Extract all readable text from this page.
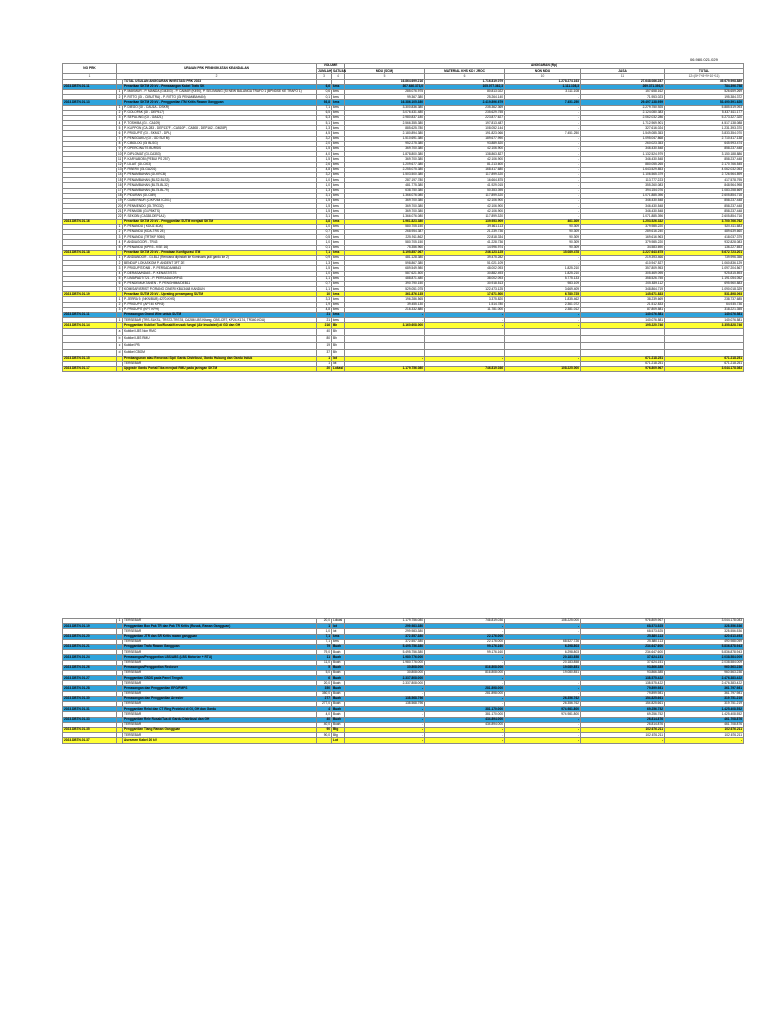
06.980.021.029
NO PRK	URAIAN PRK PENINGKATAN KEANDALAN		VOLUME		ANGGARAN (Rp)				
			JUMLAH	SATUAN	MDU (SCM)	MATERIAL KHS KD / JROC	NON MDU	JASA	TOTAL
1	2		3	4	5	6	10	11	12=(5+7+8+9+10+11)
		TOTAL USULAN ANGGARAN INVESTASI PRK 2023			16.864.699.216	1.716.819.079	1.278.274.163	27.648.086.287	49.679.998.889
2023.DBTN.01.11		Penarikan SKTM 20 kV - Pemasangan Kabel Trafo SK	6,6	kms	307.640.373,0	105.077.362,3	1.111.108,3	269.371.393,0	784.396.758
	1	P. MAKMUR - P. MANDA (GI4303) - P. CAMAR (K490), P. SELIMANG (SI NEW BALANGA TRAFO 1 (BPNDSE KE TRAFO 1)	0,6	kms	285.076.975	80.813.022	3.111.108	157.658.162	526.659.269
	2	P. RITTO (GI - CIBUTRA) - P. RITTO (GI PENAMBAHAN)	0,1	kms	99.367.380	25.264.140	-	71.953.023	195.384.372
2023.DBTN.01.13		Penarikan SKTM 20 kV - Penggantian ITM Kritis Rawan Gangguan	93,8	kms	16.386.105.380	2.419.896.679	7.451.250	29.497.138.959	53.490.591.620
	1	P. DIEGO (GI - CAU1A - DSKR)	7,1	kms	3.300.836.380	235.362.369	-	2.279.750.925	5.885.519.093
	2	P. GOLOPAK (GI - DEP517)	6,5	kms	3.076.431.480	235.629.755	-	2.124.080.383	5.437.611.177
	3	P. SEPULING (GI - GA421)	6,3	kms	2.980.837.180	223.877.627	-	2.062.032.286	5.273.327.320
	4	P. TOSHIBA (GI - CA109)	5,1	kms	2.566.355.380	197.813.487	-	1.712.969.901	4.517.138.088
	5	P. KLIPPON (CA-283 - DEP137F - CA510P - CA508 - DEP162 - DM28P)	1,3	kms	885.625.780	108.052.144	-	327.616.024	1.231.393.370
	6	P. PRIGUPIT (GI - SKM17 - DPL)	4,5	kms	2.180.894.380	191.823.066	7.451.250	1.549.085.353	3.833.354.070
	7	P. PENGGAKU (GI - GD SUTM)	3,2	kms	1.510.691.380	189.677.990	-	1.095.047.868	2.710.417.138
	8	P. CIBOLOG (GI BLSG)	2,0	kms	952.275.380	93.889.520	-	260.023.353	645.993.474
	9	P. OPERCINUTS BURSIS	1,5	kms	369.700.380	42.106.900	-	346.430.548	858.237.448
	10	P. DIPLOMAT (GI-CA353)	4,0	kms	1.878.800.380	138.863.827	-	1.132.524.979	3.150.188.886
	11	P. KARYABOBI (PEBUI PS 257)	1,5	kms	369.700.380	42.106.900	-	346.430.548	858.237.448
	12	P. LILAIT (GI-CI03)	2,6	kms	1.209.677.380	81.213.600	-	880.055.265	2.170.766.545
	13	P. FIBERX (GI-GA201)	4,8	kms	2.255.075.380	168.417.680	-	1.643.529.853	4.062.032.053
	14	P. PENAMBAHAN (GI-KRCB)	3,2	kms	1.503.500.380	117.899.320	-	1.106.565.379	2.726.964.899
	15	P. PENAMBAHAN (BLS2-BLS3)	1,0	kms	287.197.780	16.664.875	-	113.777.223	417.578.795
	16	P. PENAMBAHAN (BL75-BL32)	1,0	kms	481.775.380	41.929.015	-	355.260.083	848.964.998
	17	P. PENAMBAHAN (BL75-BL79)	1,3	kms	638.750.380	50.353.395	-	394.154.076	1.083.258.669
	18	P. PIDURAN (GI-CI89)	3,1	kms	1.366.076.080	117.899.320	-	1.071.885.396	2.605.854.716
	19	P. GUBERNUR (CIKP264 IC201)	1,5	kms	369.700.380	42.106.900	-	346.430.548	858.237.448
	20	P. PENMENDO (GI-TRG32)	1,5	kms	369.700.380	42.106.900	-	346.430.548	858.237.448
	21	P. PENMOBI (GI-PBKTS)	1,5	kms	369.700.380	42.106.900	-	346.430.548	858.237.448
	22	P. SEKOBI (CA338-DEP1A1)	3,1	kms	1.366.076.080	117.899.320	-	1.071.885.396	2.605.854.716
2023.DBTN.01.16		Penarikan SKTM 20 kV - Penggantian SUTM menjadi SKTM	3,8	kms	1.961.823.380	139.953.909	461.309	1.253.526.332	3.700.766.762
	1	P. PENANDU ( KDUZ 4DA)	1,0	kms	580.705.150	39.661.113	90.309	379.985.220	520.411.683
	2	P. PENANDU (KDA-TRS 2E)	0,7	kms	268.954.387	21.239.736	90.309	289.616.240	489.639.660
	3	P. PENANDU (TRTIKF 9050)	0,5	kms	225.911.862	22.818.334	90.309	169.616.963	418.037.379
	4	P. ANDIAGGOR - TR43	1,0	kms	580.705.150	41.228.736	90.309	379.985.220	932.828.083
	5	P. PENANDU (KPR3 - KSE 16)	0,1	kms	75.356.960	14.996.974	90.309	34.583.690	136.227.653
2023.DBTN.01.18		Penarikan SKTM 20 kV - Penataan Konfigurasi ITM	7,1	kms	3.195.857.067	246.123.125	15.089.478	2.227.643.675	5.672.723.201
	1	P. ANDIANDOR - GI-BLJ (Rencana dipindah ke Komisaris jadi gardu ke 2)	0,9	kms	481.128.380	39.475.282	-	219.393.466	739.996.356
	2	BENDUP LOKASKOM P. ANDENT 3FT 2E	1,3	kms	598.867.380	51.021.109	-	410.947.527	1.060.836.129
	3	P. PRIGUPIT/DNB - P. PERSADA/MB43	1,5	kms	689.549.980	48.002.093	1.825.210	357.809.953	1.097.204.567
	4	P. DERASA/NDAS - P. KENAST/STS	1,0	kms	587.621.500	30.882.493	1.825.210	305.469.095	925.815.893
	5	P. LIMAPADT/T21 - P. PERSADA/ORP43	1,1	kms	488.871.480	38.002.093	5.775.133	358.526.755	1.191.054.052
	6	P. PENDEMUKTANEN - P. PENGHIMA/DEB11	0,7	kms	390.790.150	30.918.513	983.109	205.839.112	695.960.883
	7	KOMISARISRIST P.ORANG CINERI KBU3448 KANDUN	1,1	kms	529.051.075	122.473.125	3.669.409	348.864.719	1.090.018.329
2023.DBTN.01.19		Penarikan SUTM 20 kV - Uprating penampang SUTM	10	kms	361.876.135	17.671.500	6.780.725	145.671.833	531.898.093
	1	P. JERRA 9. (NKN/BUB) 4270-KHS)	3,3	kms	196.286.565	3.375.820	1.835.462	38.239.669	238.737.685
	2	P. PRIGUPIT (AP740 KPH3)	1,9	kms	39.455.130	1.514.780	2.361.072	21.512.833	64.935.736
	3	P. PRIGUPIT (KP7 KPH)	4,8	kms	216.332.880	11.781.000	2.381.012	87.809.581	318.221.355
2023.DBTN.01.11		Pemasangan Grand Wire untuk SUTM	21	kms	-	-	-	140.076.581	140.076.581
	1	TERSEBAR (TRS-SLKSL, TRS72-TRS78, CA286 LBS Kitang, CBS-CRT, KP24-K174, TR340-KDU)	21	kms	-	-	-	140.076.581	140.076.581
2023.DBTN.01.14		Penggantian Kubikel Tua/Rusak/Kerusak fungsi (Air Insulated) di GD dan GH	216	Bh	3.160.608.000	-	-	195.220.746	3.355.828.746
	a	Kubikel LBS Non RMC	40	Bh					
	b	Kubikel LBS RMU	80	Bh					
	c	Kubikel PB	19	Bh					
	d	Kubikel CBOM	37	Bh					
2023.DBTN.01.15		Pembangunan atau Renovasi Sipil Gardu Distribusi, Gardu Hubung dan Gardu Induk	1	lot	-	-	-	671.218.251	671.218.251
		TERSEBAR	1	lot				671.218.251	671.218.251
2023.DBTN.01.17		Upgrade Gardu Portal/Tiba menjadi RMU pada jaringan SKTM	20	Lokasi	1.179.756.080	746.819.036	108.225.000	976.809.967	3.044.178.083
	1	TERSEBAR	20,0	Lokasi	1.179.756.080	746.819.036	108.225.000	976.809.967	3.044.178.083
2023.DBTN.01.19		Penggantian Box Pak TR dan Pak TR Kritis (Rusak, Rawan Gangguan)	1	lot	299.983.380	-	-	68.573.525	328.556.536
		TERSEBAR	1,0	lot	299.983.380	-	-	68.573.525	328.556.536
2023.DBTN.01.20		Penggantian JTR dan SR Kritis rawan gangguan	7,1	kms	372.557.380	22.176.000		25.880.113	420.613.493
		TERSEBAR	7,1	kms	372.557.380	22.176.000	68.527.726	25.880.113	490.988.059
2023.DBTN.01.21		Penggantian Trafo Rawan Gangguan	79	Buah	5.495.756.380	99.176.160	6.298.803	234.647.600	5.836.878.943
		TERSEBAR	79,0	Buah	5.495.756.380	99.176.160	6.298.803	234.647.600	5.836.878.943
2023.DBTN.01.24		Pemasangan/Penggantian LBS/ABS (LBS Motorize + RTU)	11	Buah	1.980.776.000	-	20.183.858	37.624.151	2.038.584.009
		TERSEBAR	11,0	Buah	1.980.776.000	-	20.183.858	37.624.151	2.038.584.009
2023.DBTN.01.26		Pemasangan/Penggantian Recloser	5	Buah	30.808.000	816.808.000	19.080.851	93.866.385	960.563.236
		TERSEBAR	5,0	Buah	30.808.000	816.808.000	19.080.851	93.866.385	960.563.236
2023.DBTN.01.27		Penggantian CBDS pada Panel Tengah	6	Buah	2.337.808.000	-		138.575.422	2.476.383.422
		TERSEBAR	20,0	Buah	2.337.808.000	-	-	138.575.422	2.476.383.422
2023.DBTN.01.28		Pemasangan dan Penggantian EFG/FMPS	350	Buah	-	281.898.000	-	79.899.981	361.797.981
		TERSEBAR	350,0	Buah	-	281.898.000	-	79.899.981	361.797.981
2023.DBTN.01.30		Pemasangan dan Penggantian Arrester	277	Buah	138.568.796	-	26.356.762	154.825.661	319.751.219
		TERSEBAR	277,0	Buah	138.568.796	-	26.356.762	154.825.661	319.751.219
2023.DBTN.01.31		Penggantian Relai dan CT Ring Proteksi di GI, GH dan Gardu	4	Buah	-	381.170.000	974.981.800	69.256.752	1.425.408.552
		TERSEBAR	4,0	Buah	-	381.170.000	974.981.800	69.256.752	1.425.408.552
2023.DBTN.01.33		Penggantian Rele Rusak/Tua di Gardu Distribusi dan GH	40	Buah	-	434.894.000	-	26.814.876	461.708.876
		TERSEBAR	40,0	Buah	-	434.894.000	-	26.814.876	461.708.876
2023.DBTN.01.35		Penggantian Tiang Rawan Gangguan	90	Btg	-	-	-	102.676.211	102.676.211
		TERSEBAR	90,0	Btg	-	-	-	102.676.211	102.676.211
2023.DBTN.01.37		Asesmen Kabel 20 kV		Lot	-	-	-	-	-
